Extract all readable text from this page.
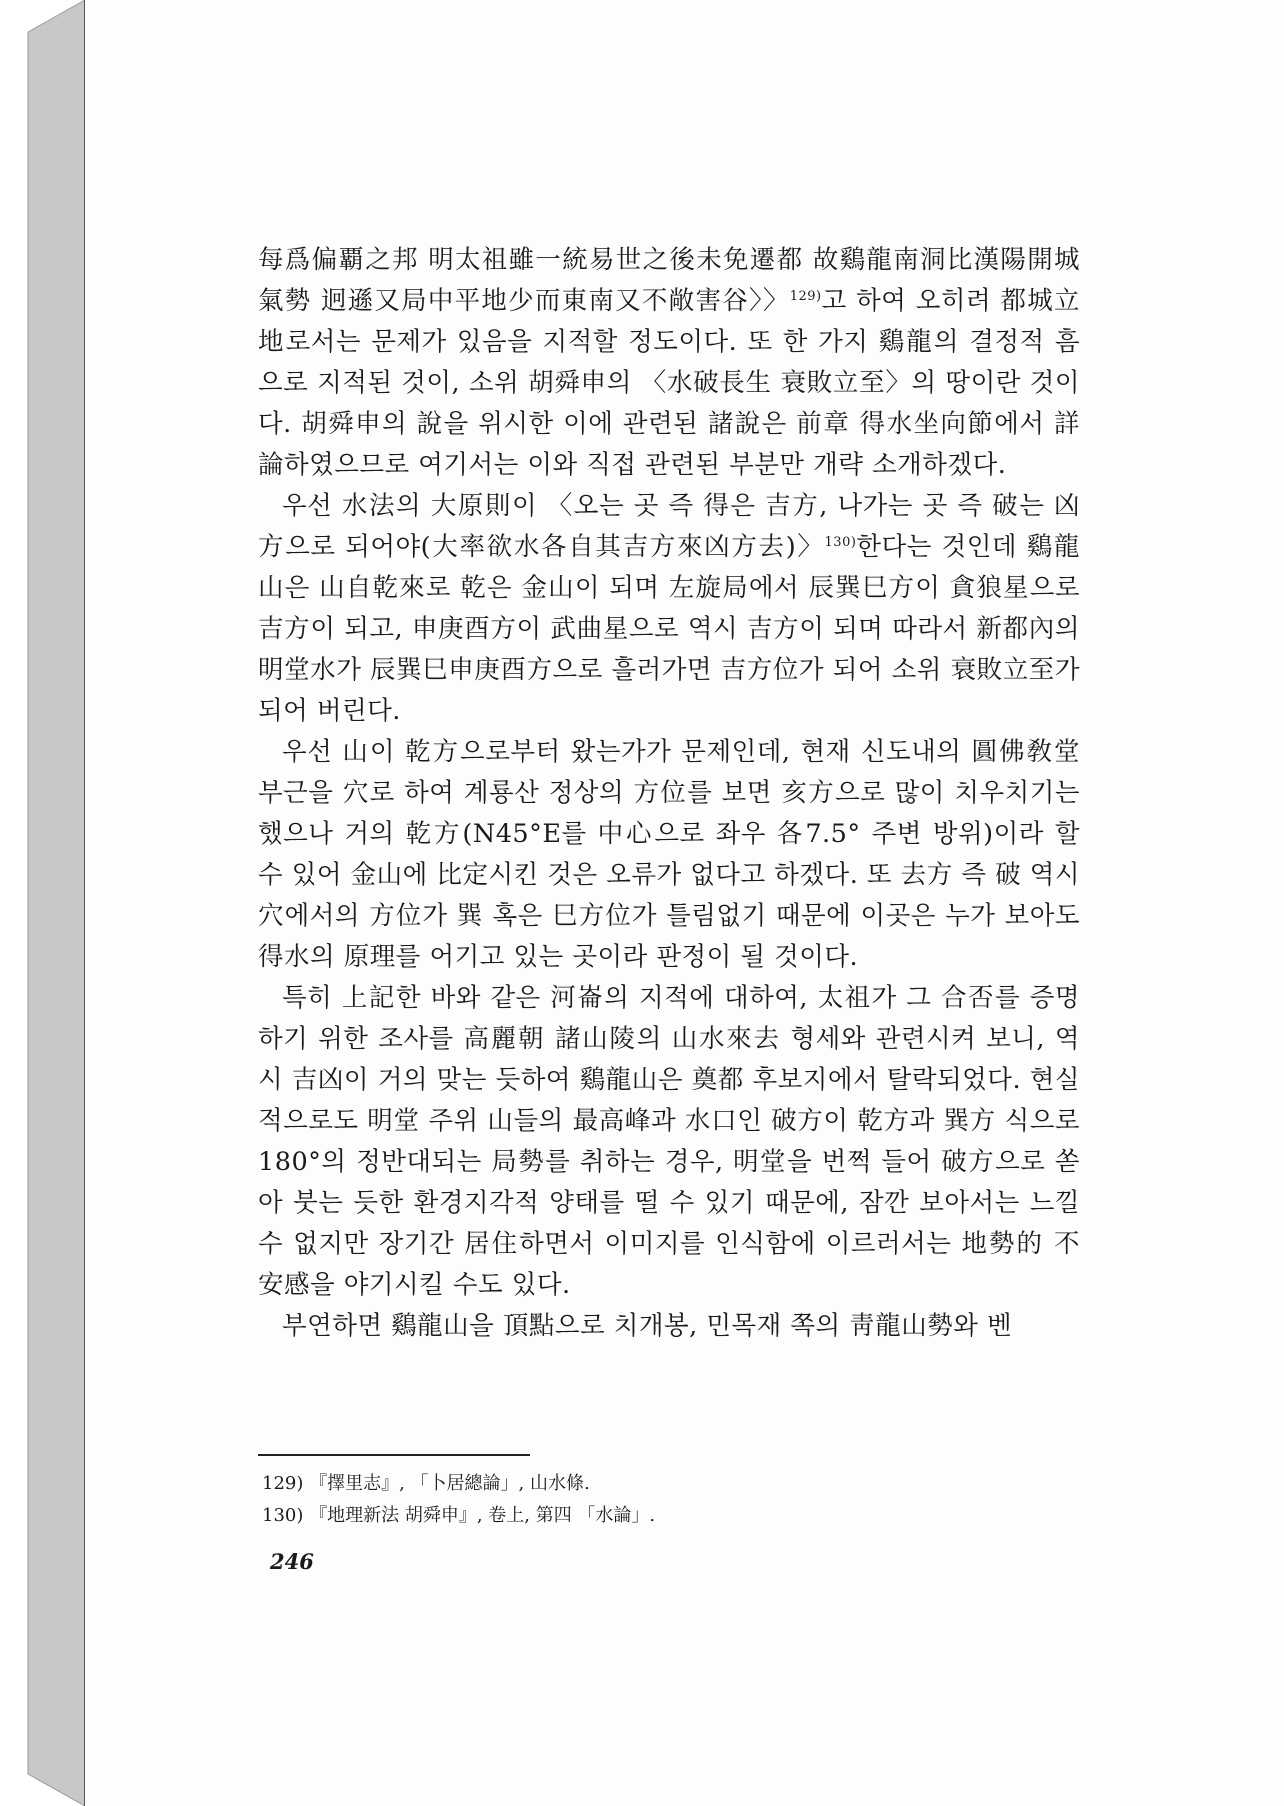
每爲偏覇之邦 明太祖雖一統易世之後未免遷都 故鷄龍南洞比漢陽開城氣勢 迥遜又局中平地少而東南又不敞害谷〉〉$^{129)}$고 하여 오히려 都城立地로서는 문제가 있음을 지적할 정도이다. 또 한 가지 鷄龍의 결정적 흠으로 지적된 것이, 소위 胡舜申의 〈水破長生 衰敗立至〉의 땅이란 것이다. 胡舜申의 說을 위시한 이에 관련된 諸說은 前章 得水坐向節에서 詳論하였으므로 여기서는 이와 직접 관련된 부분만 개략 소개하겠다.

우선 水法의 大原則이 〈오는 곳 즉 得은 吉方, 나가는 곳 즉 破는 凶方으로 되어야(大率欲水各自其吉方來凶方去)〉$^{130)}$한다는 것인데 鷄龍山은 山自乾來로 乾은 金山이 되며 左旋局에서 辰巽巳方이 貪狼星으로 吉方이 되고, 申庚酉方이 武曲星으로 역시 吉方이 되며 따라서 新都內의 明堂水가 辰巽巳申庚酉方으로 흘러가면 吉方位가 되어 소위 衰敗立至가 되어 버린다.

우선 山이 乾方으로부터 왔는가가 문제인데, 현재 신도내의 圓佛敎堂 부근을 穴로 하여 계룡산 정상의 方位를 보면 亥方으로 많이 치우치기는 했으나 거의 乾方(N45°E를 中心으로 좌우 各7.5° 주변 방위)이라 할 수 있어 金山에 比定시킨 것은 오류가 없다고 하겠다. 또 去方 즉 破 역시 穴에서의 方位가 巽 혹은 巳方位가 틀림없기 때문에 이곳은 누가 보아도 得水의 原理를 어기고 있는 곳이라 판정이 될 것이다.

특히 上記한 바와 같은 河崙의 지적에 대하여, 太祖가 그 合否를 증명하기 위한 조사를 高麗朝 諸山陵의 山水來去 형세와 관련시켜 보니, 역시 吉凶이 거의 맞는 듯하여 鷄龍山은 奠都 후보지에서 탈락되었다. 현실적으로도 明堂 주위 山들의 最高峰과 水口인 破方이 乾方과 巽方 식으로 180°의 정반대되는 局勢를 취하는 경우, 明堂을 번쩍 들어 破方으로 쏟아 붓는 듯한 환경지각적 양태를 떨 수 있기 때문에, 잠깐 보아서는 느낄 수 없지만 장기간 居住하면서 이미지를 인식함에 이르러서는 地勢的 不安感을 야기시킬 수도 있다.

부연하면 鷄龍山을 頂點으로 치개봉, 민목재 쪽의 靑龍山勢와 벤

129) 『擇里志』, 「卜居總論」, 山水條.
130) 『地理新法 胡舜申』, 卷上, 第四 「水論」.
246
